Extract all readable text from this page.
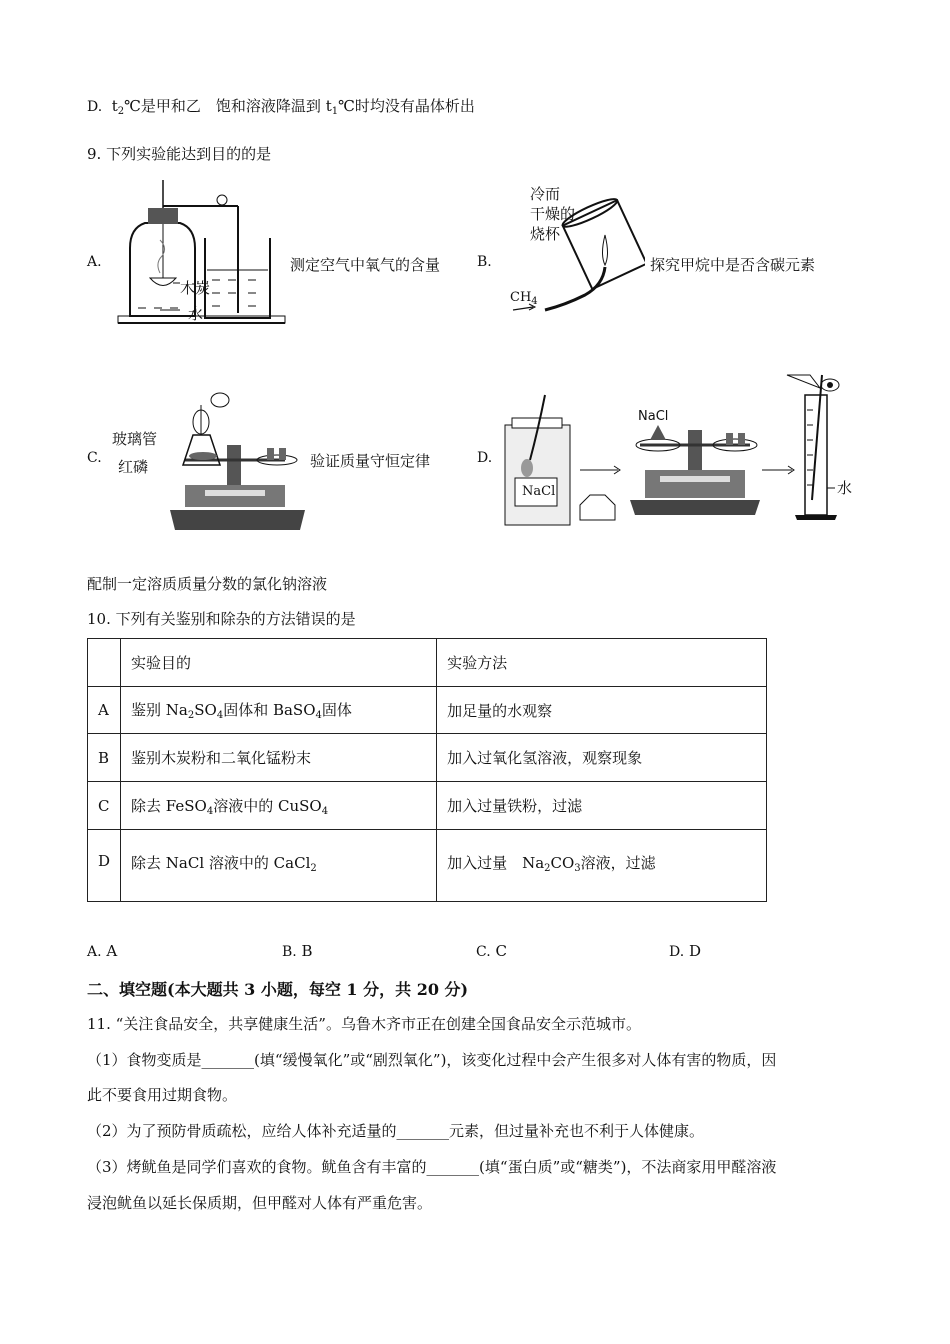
D. $t_2℃$是甲和乙　饱和溶液降温到 $t_1℃$时均没有晶体析出
9. 下列实验能达到目的的是
A.
木炭
水
测定空气中氧气的含量	B.
冷而
干燥的
烧杯
$CH_4$
探究甲烷中是否含碳元素
C.
玻璃管
红磷	验证质量守恒定律	D.
NaCl
NaCl
水
配制一定溶质质量分数的氯化钠溶液
10. 下列有关鉴别和除杂的方法错误的是
	实验目的	实验方法
A	鉴别 $Na_2SO_4$固体和 BaSO$_4$固体	加足量的水观察
B	鉴别木炭粉和二氧化锰粉末	加入过氧化氢溶液，观察现象
C	除去 FeSO$_4$溶液中的 CuSO$_4$	加入过量铁粉，过滤
D	除去 NaCl 溶液中的 CaCl$_2$	加入过量　$Na_2CO_3$溶液，过滤
A. A	B. B	C. C	D. D
二、填空题(本大题共 3 小题，每空 1 分，共 20 分)
11. “关注食品安全，共享健康生活”。乌鲁木齐市正在创建全国食品安全示范城市。
（1）食物变质是_______(填“缓慢氧化”或“剧烈氧化”)，该变化过程中会产生很多对人体有害的物质，因
此不要食用过期食物。
（2）为了预防骨质疏松，应给人体补充适量的_______元素，但过量补充也不利于人体健康。
（3）烤鱿鱼是同学们喜欢的食物。鱿鱼含有丰富的_______(填“蛋白质”或“糖类”)，不法商家用甲醛溶液
浸泡鱿鱼以延长保质期，但甲醛对人体有严重危害。
